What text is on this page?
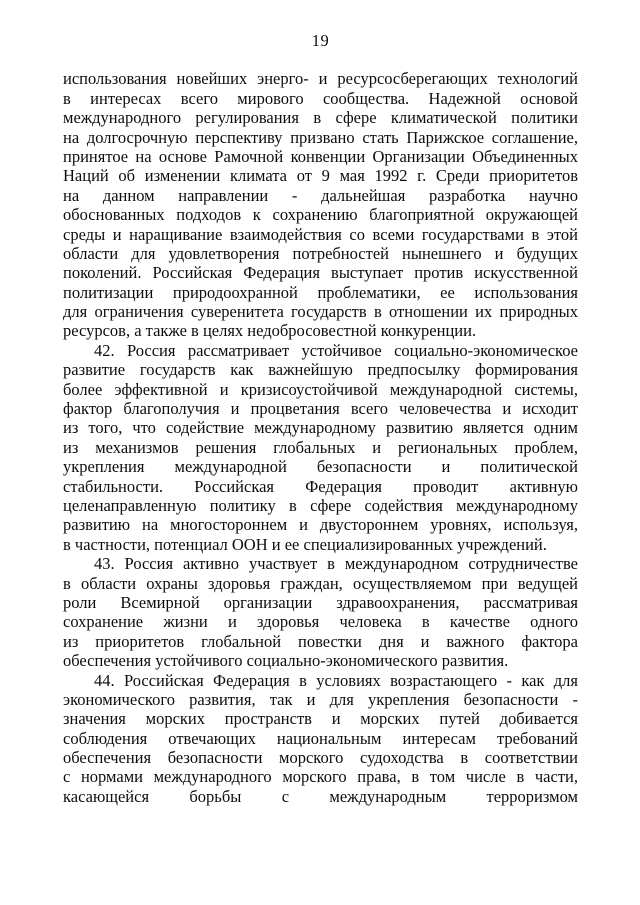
19
использования новейших энерго- и ресурсосберегающих технологий
в интересах всего мирового сообщества. Надежной основой
международного регулирования в сфере климатической политики
на долгосрочную перспективу призвано стать Парижское соглашение,
принятое на основе Рамочной конвенции Организации Объединенных
Наций об изменении климата от 9 мая 1992 г. Среди приоритетов
на данном направлении - дальнейшая разработка научно
обоснованных подходов к сохранению благоприятной окружающей
среды и наращивание взаимодействия со всеми государствами в этой
области для удовлетворения потребностей нынешнего и будущих
поколений. Российская Федерация выступает против искусственной
политизации природоохранной проблематики, ее использования
для ограничения суверенитета государств в отношении их природных
ресурсов, а также в целях недобросовестной конкуренции.
42. Россия рассматривает устойчивое социально-экономическое
развитие государств как важнейшую предпосылку формирования
более эффективной и кризисоустойчивой международной системы,
фактор благополучия и процветания всего человечества и исходит
из того, что содействие международному развитию является одним
из механизмов решения глобальных и региональных проблем,
укрепления международной безопасности и политической
стабильности. Российская Федерация проводит активную
целенаправленную политику в сфере содействия международному
развитию на многостороннем и двустороннем уровнях, используя,
в частности, потенциал ООН и ее специализированных учреждений.
43. Россия активно участвует в международном сотрудничестве
в области охраны здоровья граждан, осуществляемом при ведущей
роли Всемирной организации здравоохранения, рассматривая
сохранение жизни и здоровья человека в качестве одного
из приоритетов глобальной повестки дня и важного фактора
обеспечения устойчивого социально-экономического развития.
44. Российская Федерация в условиях возрастающего - как для
экономического развития, так и для укрепления безопасности -
значения морских пространств и морских путей добивается
соблюдения отвечающих национальным интересам требований
обеспечения безопасности морского судоходства в соответствии
с нормами международного морского права, в том числе в части,
касающейся борьбы с международным терроризмом
